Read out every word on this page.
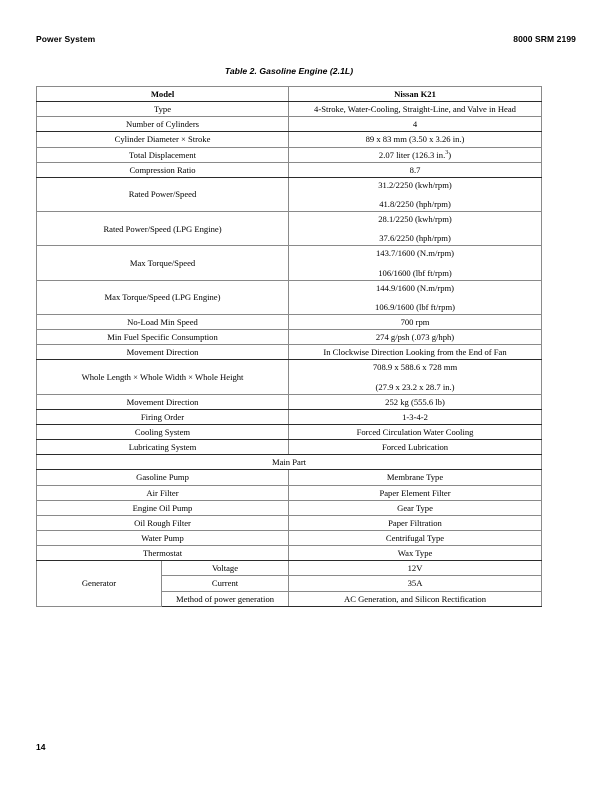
Power System	8000 SRM 2199
Table 2. Gasoline Engine (2.1L)
Model		Nissan K21
Type		4-Stroke, Water-Cooling, Straight-Line, and Valve in Head
Number of Cylinders		4
Cylinder Diameter × Stroke		89 x 83 mm (3.50 x 3.26 in.)
Total Displacement		2.07 liter (126.3 in.$^3$)
Compression Ratio		8.7
Rated Power/Speed		31.2/2250 (kwh/rpm)
41.8/2250 (hph/rpm)

Rated Power/Speed (LPG Engine)		28.1/2250 (kwh/rpm)
37.6/2250 (hph/rpm)

Max Torque/Speed		143.7/1600 (N.m/rpm)
106/1600 (lbf ft/rpm)

Max Torque/Speed (LPG Engine)		144.9/1600 (N.m/rpm)
106.9/1600 (lbf ft/rpm)

No-Load Min Speed		700 rpm
Min Fuel Specific Consumption		274 g/psh (.073 g/hph)
Movement Direction		In Clockwise Direction Looking from the End of Fan
Whole Length × Whole Width × Whole Height		708.9 x 588.6 x 728 mm
(27.9 x 23.2 x 28.7 in.)

Movement Direction		252 kg (555.6 lb)
Firing Order		1-3-4-2
Cooling System		Forced Circulation Water Cooling
Lubricating System		Forced Lubrication
Main Part		
Gasoline Pump		Membrane Type
Air Filter		Paper Element Filter
Engine Oil Pump		Gear Type
Oil Rough Filter		Paper Filtration
Water Pump		Centrifugal Type
Thermostat		Wax Type
Generator	Voltage	12V
	Current	35A
	Method of power generation	AC Generation, and Silicon Rectification
14
